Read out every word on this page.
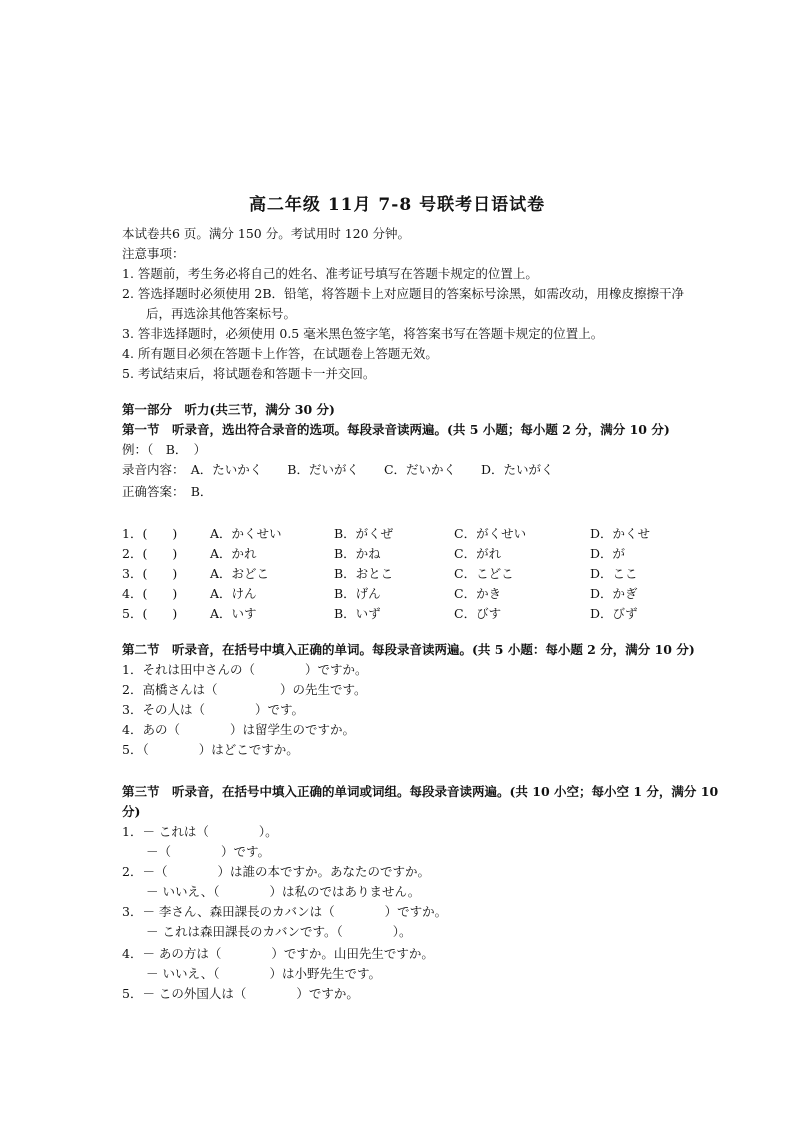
高二年级 11月 7-8 号联考日语试卷
本试卷共6 页。满分 150 分。考试用时 120 分钟。
注意事项：
1. 答题前，考生务必将自己的姓名、准考证号填写在答题卡规定的位置上。
2. 答选择题时必须使用 2B．铅笔，将答题卡上对应题目的答案标号涂黑，如需改动，用橡皮擦擦干净
后，再选涂其他答案标号。
3. 答非选择题时，必须使用 0.5 毫米黑色签字笔，将答案书写在答题卡规定的位置上。
4. 所有题目必须在答题卡上作答，在试题卷上答题无效。
5. 考试结束后，将试题卷和答题卡一并交回。
第一部分　听力(共三节，满分 30 分)
第一节　听录音，选出符合录音的选项。每段录音读两遍。(共 5 小题；每小题 2 分，满分 10 分)
例：（　B．　）
录音内容：　A．たいかく　　B．だいがく　　C．だいかく　　D．たいがく
正确答案：　B．
1．(　　)	A．かくせい	B．がくぜ	C．がくせい	D．かくせ
2．(　　)	A．かれ	B．かね	C．がれ	D．が
3．(　　)	A．おどこ	B．おとこ	C．こどこ	D．ここ
4．(　　)	A．けん	B．げん	C．かき	D．かぎ
5．(　　)	A．いす	B．いず	C．びす	D．びず
第二节　听录音，在括号中填入正确的单词。每段录音读两遍。(共 5 小题：每小题 2 分，满分 10 分)
1．それは田中さんの（　　　　）ですか。
2．高橋さんは（　　　　　）の先生です。
3．その人は（　　　　）です。
4．あの（　　　　）は留学生のですか。
5．（　　　　）はどこですか。
第三节　听录音，在括号中填入正确的单词或词组。每段录音读两遍。(共 10 小空；每小空 1 分，满分 10
分)
1．－ これは（　　　　）。
－（　　　　）です。
2．－（　　　　）は誰の本ですか。あなたのですか。
－ いいえ、（　　　　）は私のではありません。
3．－ 李さん、森田課長のカバンは（　　　　）ですか。
－ これは森田課長のカバンです。（　　　　）。
4．－ あの方は（　　　　）ですか。山田先生ですか。
－ いいえ、（　　　　）は小野先生です。
5．－ この外国人は（　　　　）ですか。
